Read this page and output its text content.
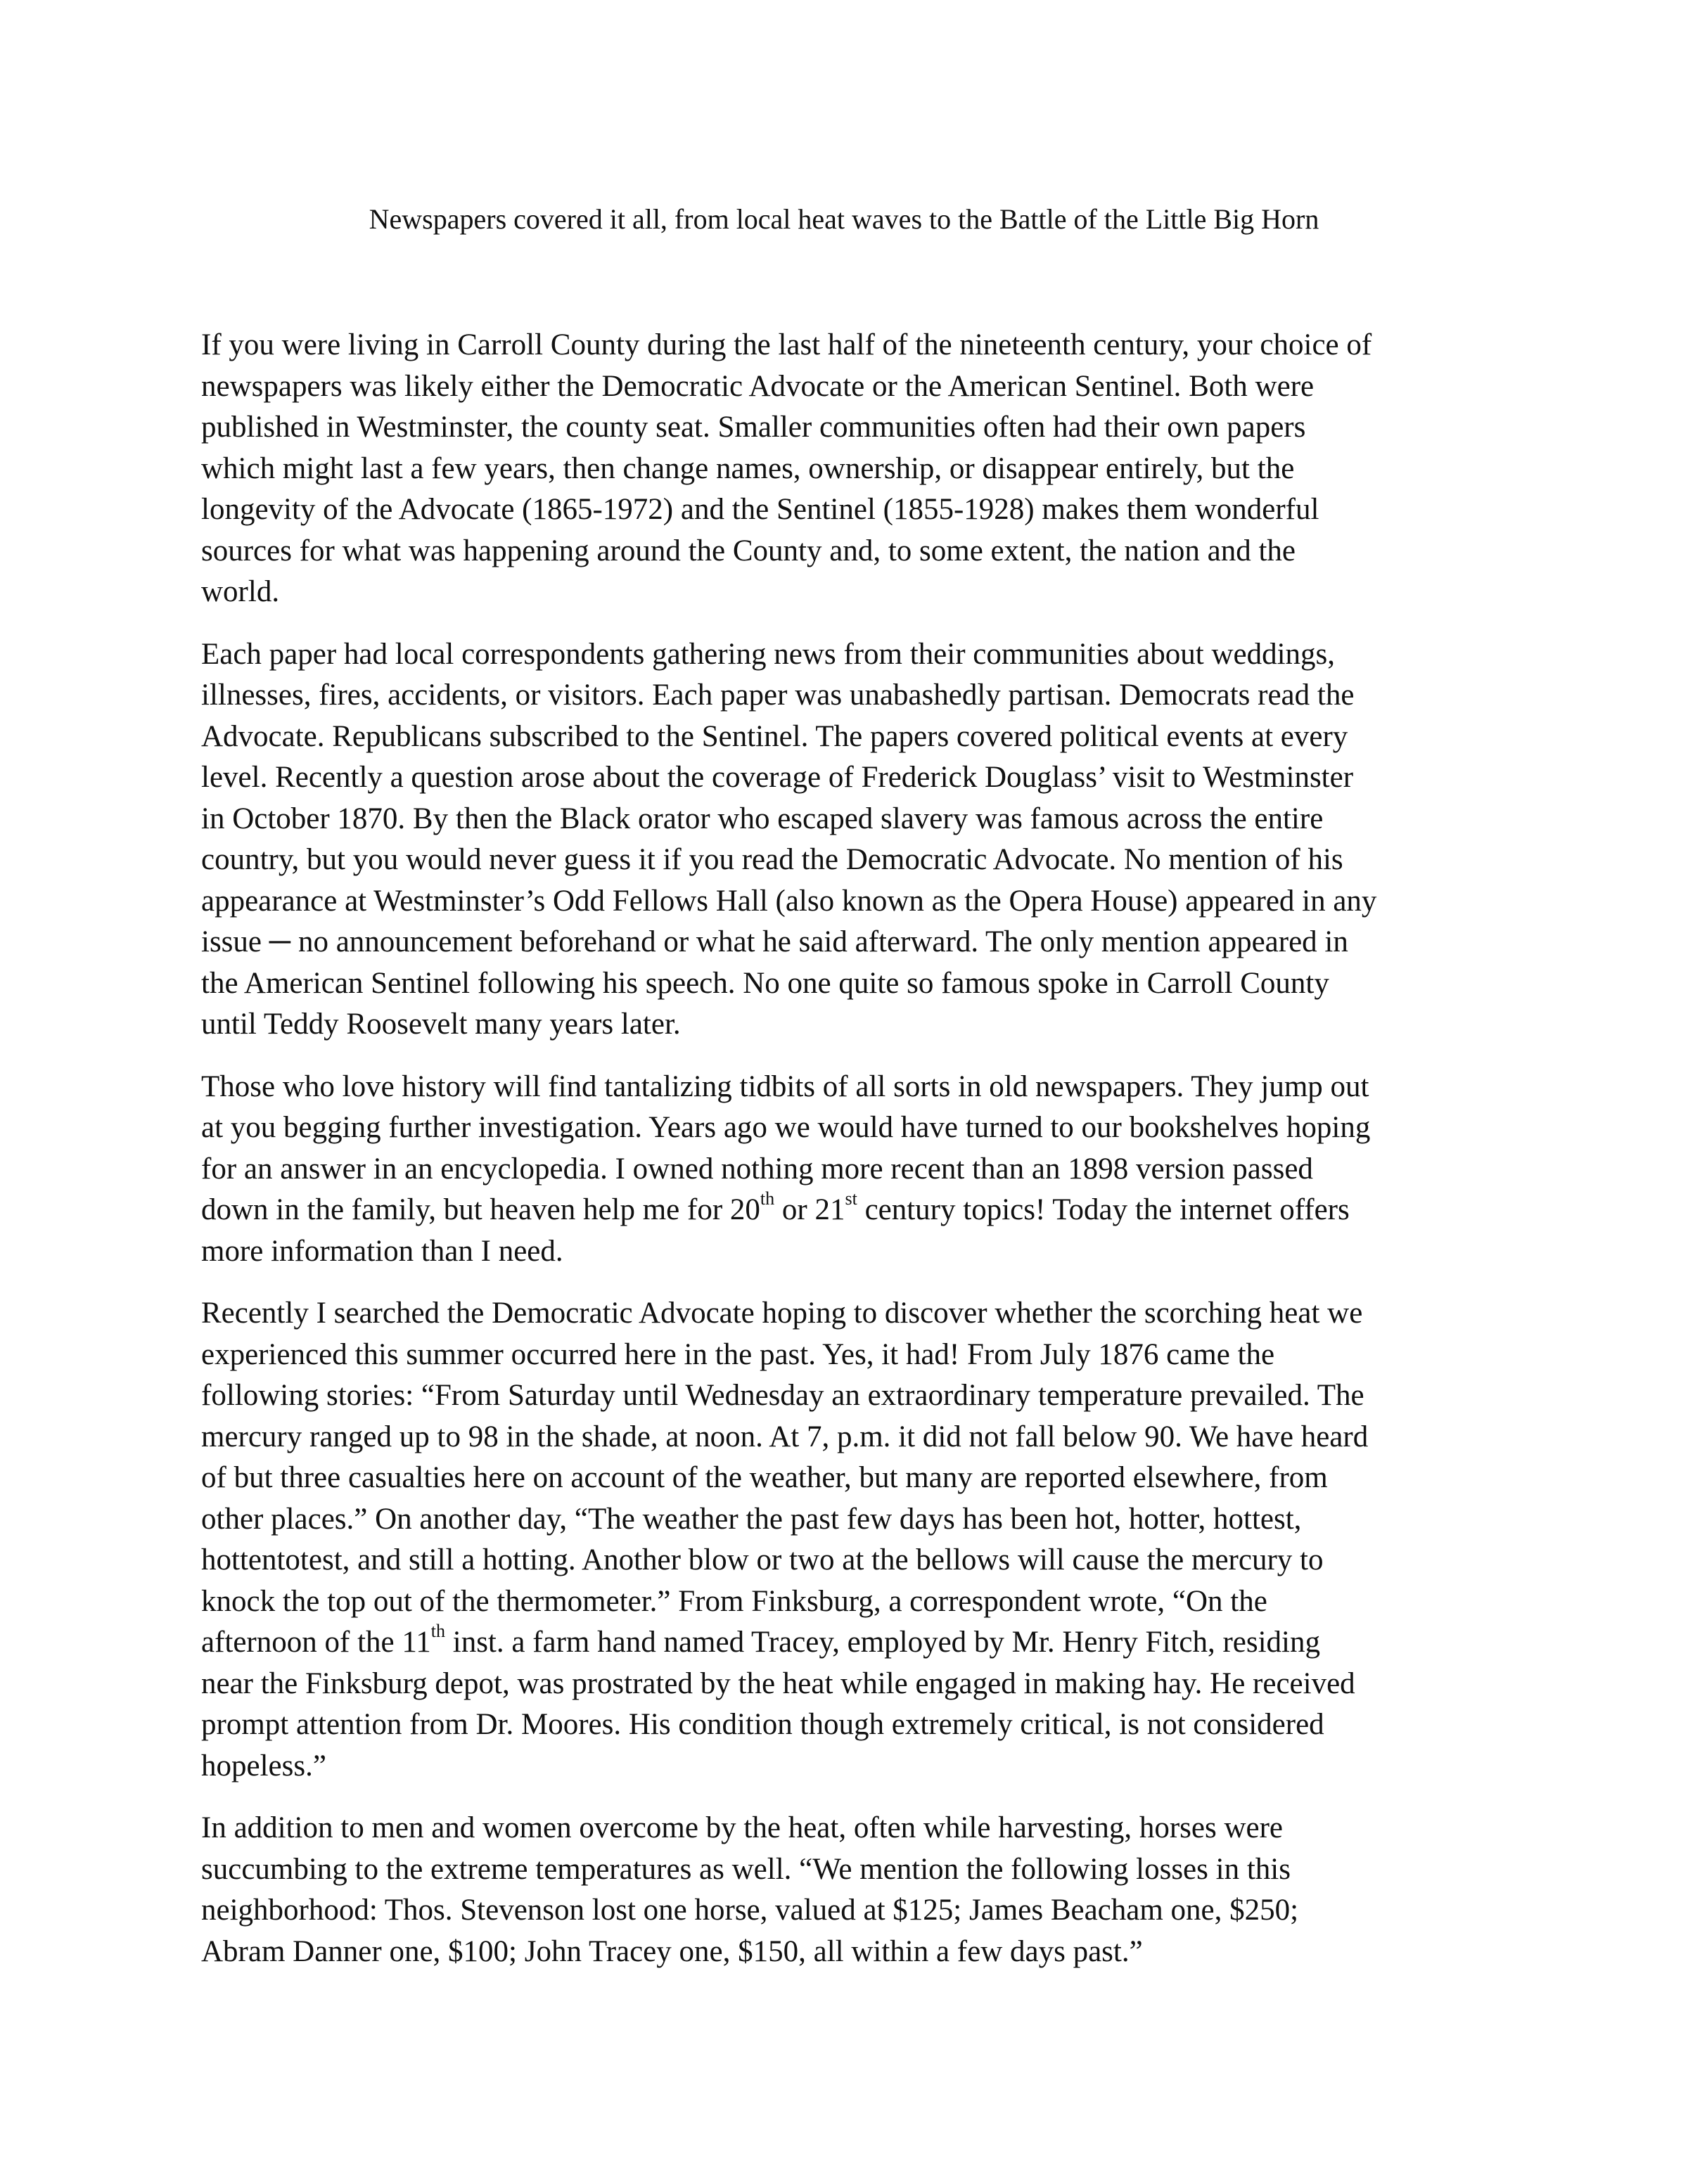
Newspapers covered it all, from local heat waves to the Battle of the Little Big Horn

If you were living in Carroll County during the last half of the nineteenth century, your choice of
newspapers was likely either the Democratic Advocate or the American Sentinel. Both were
published in Westminster, the county seat. Smaller communities often had their own papers
which might last a few years, then change names, ownership, or disappear entirely, but the
longevity of the Advocate (1865-1972) and the Sentinel (1855-1928) makes them wonderful
sources for what was happening around the County and, to some extent, the nation and the
world.

Each paper had local correspondents gathering news from their communities about weddings,
illnesses, fires, accidents, or visitors. Each paper was unabashedly partisan. Democrats read the
Advocate. Republicans subscribed to the Sentinel. The papers covered political events at every
level. Recently a question arose about the coverage of Frederick Douglass’ visit to Westminster
in October 1870. By then the Black orator who escaped slavery was famous across the entire
country, but you would never guess it if you read the Democratic Advocate. No mention of his
appearance at Westminster’s Odd Fellows Hall (also known as the Opera House) appeared in any
issue ─ no announcement beforehand or what he said afterward. The only mention appeared in
the American Sentinel following his speech. No one quite so famous spoke in Carroll County
until Teddy Roosevelt many years later.

Those who love history will find tantalizing tidbits of all sorts in old newspapers. They jump out
at you begging further investigation. Years ago we would have turned to our bookshelves hoping
for an answer in an encyclopedia. I owned nothing more recent than an 1898 version passed
down in the family, but heaven help me for 20th or 21st century topics! Today the internet offers
more information than I need.

Recently I searched the Democratic Advocate hoping to discover whether the scorching heat we
experienced this summer occurred here in the past. Yes, it had! From July 1876 came the
following stories: “From Saturday until Wednesday an extraordinary temperature prevailed. The
mercury ranged up to 98 in the shade, at noon. At 7, p.m. it did not fall below 90. We have heard
of but three casualties here on account of the weather, but many are reported elsewhere, from
other places.” On another day, “The weather the past few days has been hot, hotter, hottest,
hottentotest, and still a hotting. Another blow or two at the bellows will cause the mercury to
knock the top out of the thermometer.” From Finksburg, a correspondent wrote, “On the
afternoon of the 11th inst. a farm hand named Tracey, employed by Mr. Henry Fitch, residing
near the Finksburg depot, was prostrated by the heat while engaged in making hay. He received
prompt attention from Dr. Moores. His condition though extremely critical, is not considered
hopeless.”

In addition to men and women overcome by the heat, often while harvesting, horses were
succumbing to the extreme temperatures as well. “We mention the following losses in this
neighborhood: Thos. Stevenson lost one horse, valued at $125; James Beacham one, $250;
Abram Danner one, $100; John Tracey one, $150, all within a few days past.”
